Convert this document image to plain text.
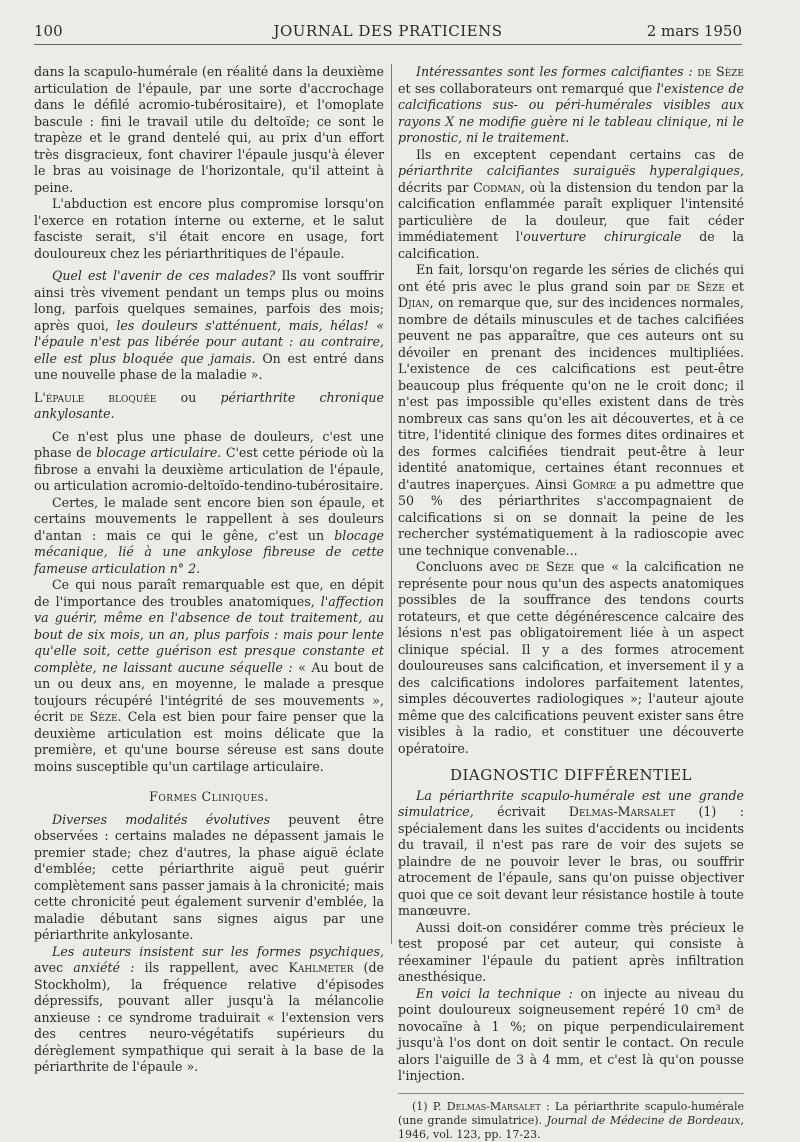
100	JOURNAL DES PRATICIENS	2 mars 1950

dans la scapulo-humérale (en réalité dans la deuxième articulation de l'épaule, par une sorte d'accrochage dans le défilé acromio-tubérositaire), et l'omoplate bascule : fini le travail utile du deltoïde; ce sont le trapèze et le grand dentelé qui, au prix d'un effort très disgracieux, font chavirer l'épaule jusqu'à élever le bras au voisinage de l'horizontale, qu'il atteint à peine.

L'abduction est encore plus compromise lorsqu'on l'exerce en rotation interne ou externe, et le salut fasciste serait, s'il était encore en usage, fort douloureux chez les périarthritiques de l'épaule.

Quel est l'avenir de ces malades? Ils vont souffrir ainsi très vivement pendant un temps plus ou moins long, parfois quelques semaines, parfois des mois; après quoi, les douleurs s'atténuent, mais, hélas! « l'épaule n'est pas libérée pour autant : au contraire, elle est plus bloquée que jamais. On est entré dans une nouvelle phase de la maladie ».

L'épaule bloquée ou périarthrite chronique ankylosante.

Ce n'est plus une phase de douleurs, c'est une phase de blocage articulaire. C'est cette période où la fibrose a envahi la deuxième articulation de l'épaule, ou articulation acromio-deltoïdo-tendino-tubérositaire.

Certes, le malade sent encore bien son épaule, et certains mouvements le rappellent à ses douleurs d'antan : mais ce qui le gêne, c'est un blocage mécanique, lié à une ankylose fibreuse de cette fameuse articulation n° 2.

Ce qui nous paraît remarquable est que, en dépit de l'importance des troubles anatomiques, l'affection va guérir, même en l'absence de tout traitement, au bout de six mois, un an, plus parfois : mais pour lente qu'elle soit, cette guérison est presque constante et complète, ne laissant aucune séquelle : « Au bout de un ou deux ans, en moyenne, le malade a presque toujours récupéré l'intégrité de ses mouvements », écrit de Sèze. Cela est bien pour faire penser que la deuxième articulation est moins délicate que la première, et qu'une bourse séreuse est sans doute moins susceptible qu'un cartilage articulaire.

Formes Cliniques.

Diverses modalités évolutives peuvent être observées : certains malades ne dépassent jamais le premier stade; chez d'autres, la phase aiguë éclate d'emblée; cette périarthrite aiguë peut guérir complètement sans passer jamais à la chronicité; mais cette chronicité peut également survenir d'emblée, la maladie débutant sans signes aigus par une périarthrite ankylosante.

Les auteurs insistent sur les formes psychiques, avec anxiété : ils rappellent, avec Kahlmeter (de Stockholm), la fréquence relative d'épisodes dépressifs, pouvant aller jusqu'à la mélancolie anxieuse : ce syndrome traduirait « l'extension vers des centres neuro-végétatifs supérieurs du dérèglement sympathique qui serait à la base de la périarthrite de l'épaule ».

Intéressantes sont les formes calcifiantes : de Sèze et ses collaborateurs ont remarqué que l'existence de calcifications sus- ou péri-humérales visibles aux rayons X ne modifie guère ni le tableau clinique, ni le pronostic, ni le traitement.

Ils en exceptent cependant certains cas de périarthrite calcifiantes suraiguës hyperalgiques, décrits par Codman, où la distension du tendon par la calcification enflammée paraît expliquer l'intensité particulière de la douleur, que fait céder immédiatement l'ouverture chirurgicale de la calcification.

En fait, lorsqu'on regarde les séries de clichés qui ont été pris avec le plus grand soin par de Sèze et Djian, on remarque que, sur des incidences normales, nombre de détails minuscules et de taches calcifiées peuvent ne pas apparaître, que ces auteurs ont su dévoiler en prenant des incidences multipliées. L'existence de ces calcifications est peut-être beaucoup plus fréquente qu'on ne le croit donc; il n'est pas impossible qu'elles existent dans de très nombreux cas sans qu'on les ait découvertes, et à ce titre, l'identité clinique des formes dites ordinaires et des formes calcifiées tiendrait peut-être à leur identité anatomique, certaines étant reconnues et d'autres inaperçues. Ainsi Gomrœ a pu admettre que 50 % des périarthrites s'accompagnaient de calcifications si on se donnait la peine de les rechercher systématiquement à la radioscopie avec une technique convenable...

Concluons avec de Sèze que « la calcification ne représente pour nous qu'un des aspects anatomiques possibles de la souffrance des tendons courts rotateurs, et que cette dégénérescence calcaire des lésions n'est pas obligatoirement liée à un aspect clinique spécial. Il y a des formes atrocement douloureuses sans calcification, et inversement il y a des calcifications indolores parfaitement latentes, simples découvertes radiologiques »; l'auteur ajoute même que des calcifications peuvent exister sans être visibles à la radio, et constituer une découverte opératoire.

DIAGNOSTIC DIFFÉRENTIEL

La périarthrite scapulo-humérale est une grande simulatrice, écrivait Delmas-Marsalet (1) : spécialement dans les suites d'accidents ou incidents du travail, il n'est pas rare de voir des sujets se plaindre de ne pouvoir lever le bras, ou souffrir atrocement de l'épaule, sans qu'on puisse objectiver quoi que ce soit devant leur résistance hostile à toute manœuvre.

Aussi doit-on considérer comme très précieux le test proposé par cet auteur, qui consiste à réexaminer l'épaule du patient après infiltration anesthésique.

En voici la technique : on injecte au niveau du point douloureux soigneusement repéré 10 cm³ de novocaïne à 1 %; on pique perpendiculairement jusqu'à l'os dont on doit sentir le contact. On recule alors l'aiguille de 3 à 4 mm, et c'est là qu'on pousse l'injection.

(1) P. Delmas-Marsalet : La périarthrite scapulo-humérale (une grande simulatrice). Journal de Médecine de Bordeaux, 1946, vol. 123, pp. 17-23.
